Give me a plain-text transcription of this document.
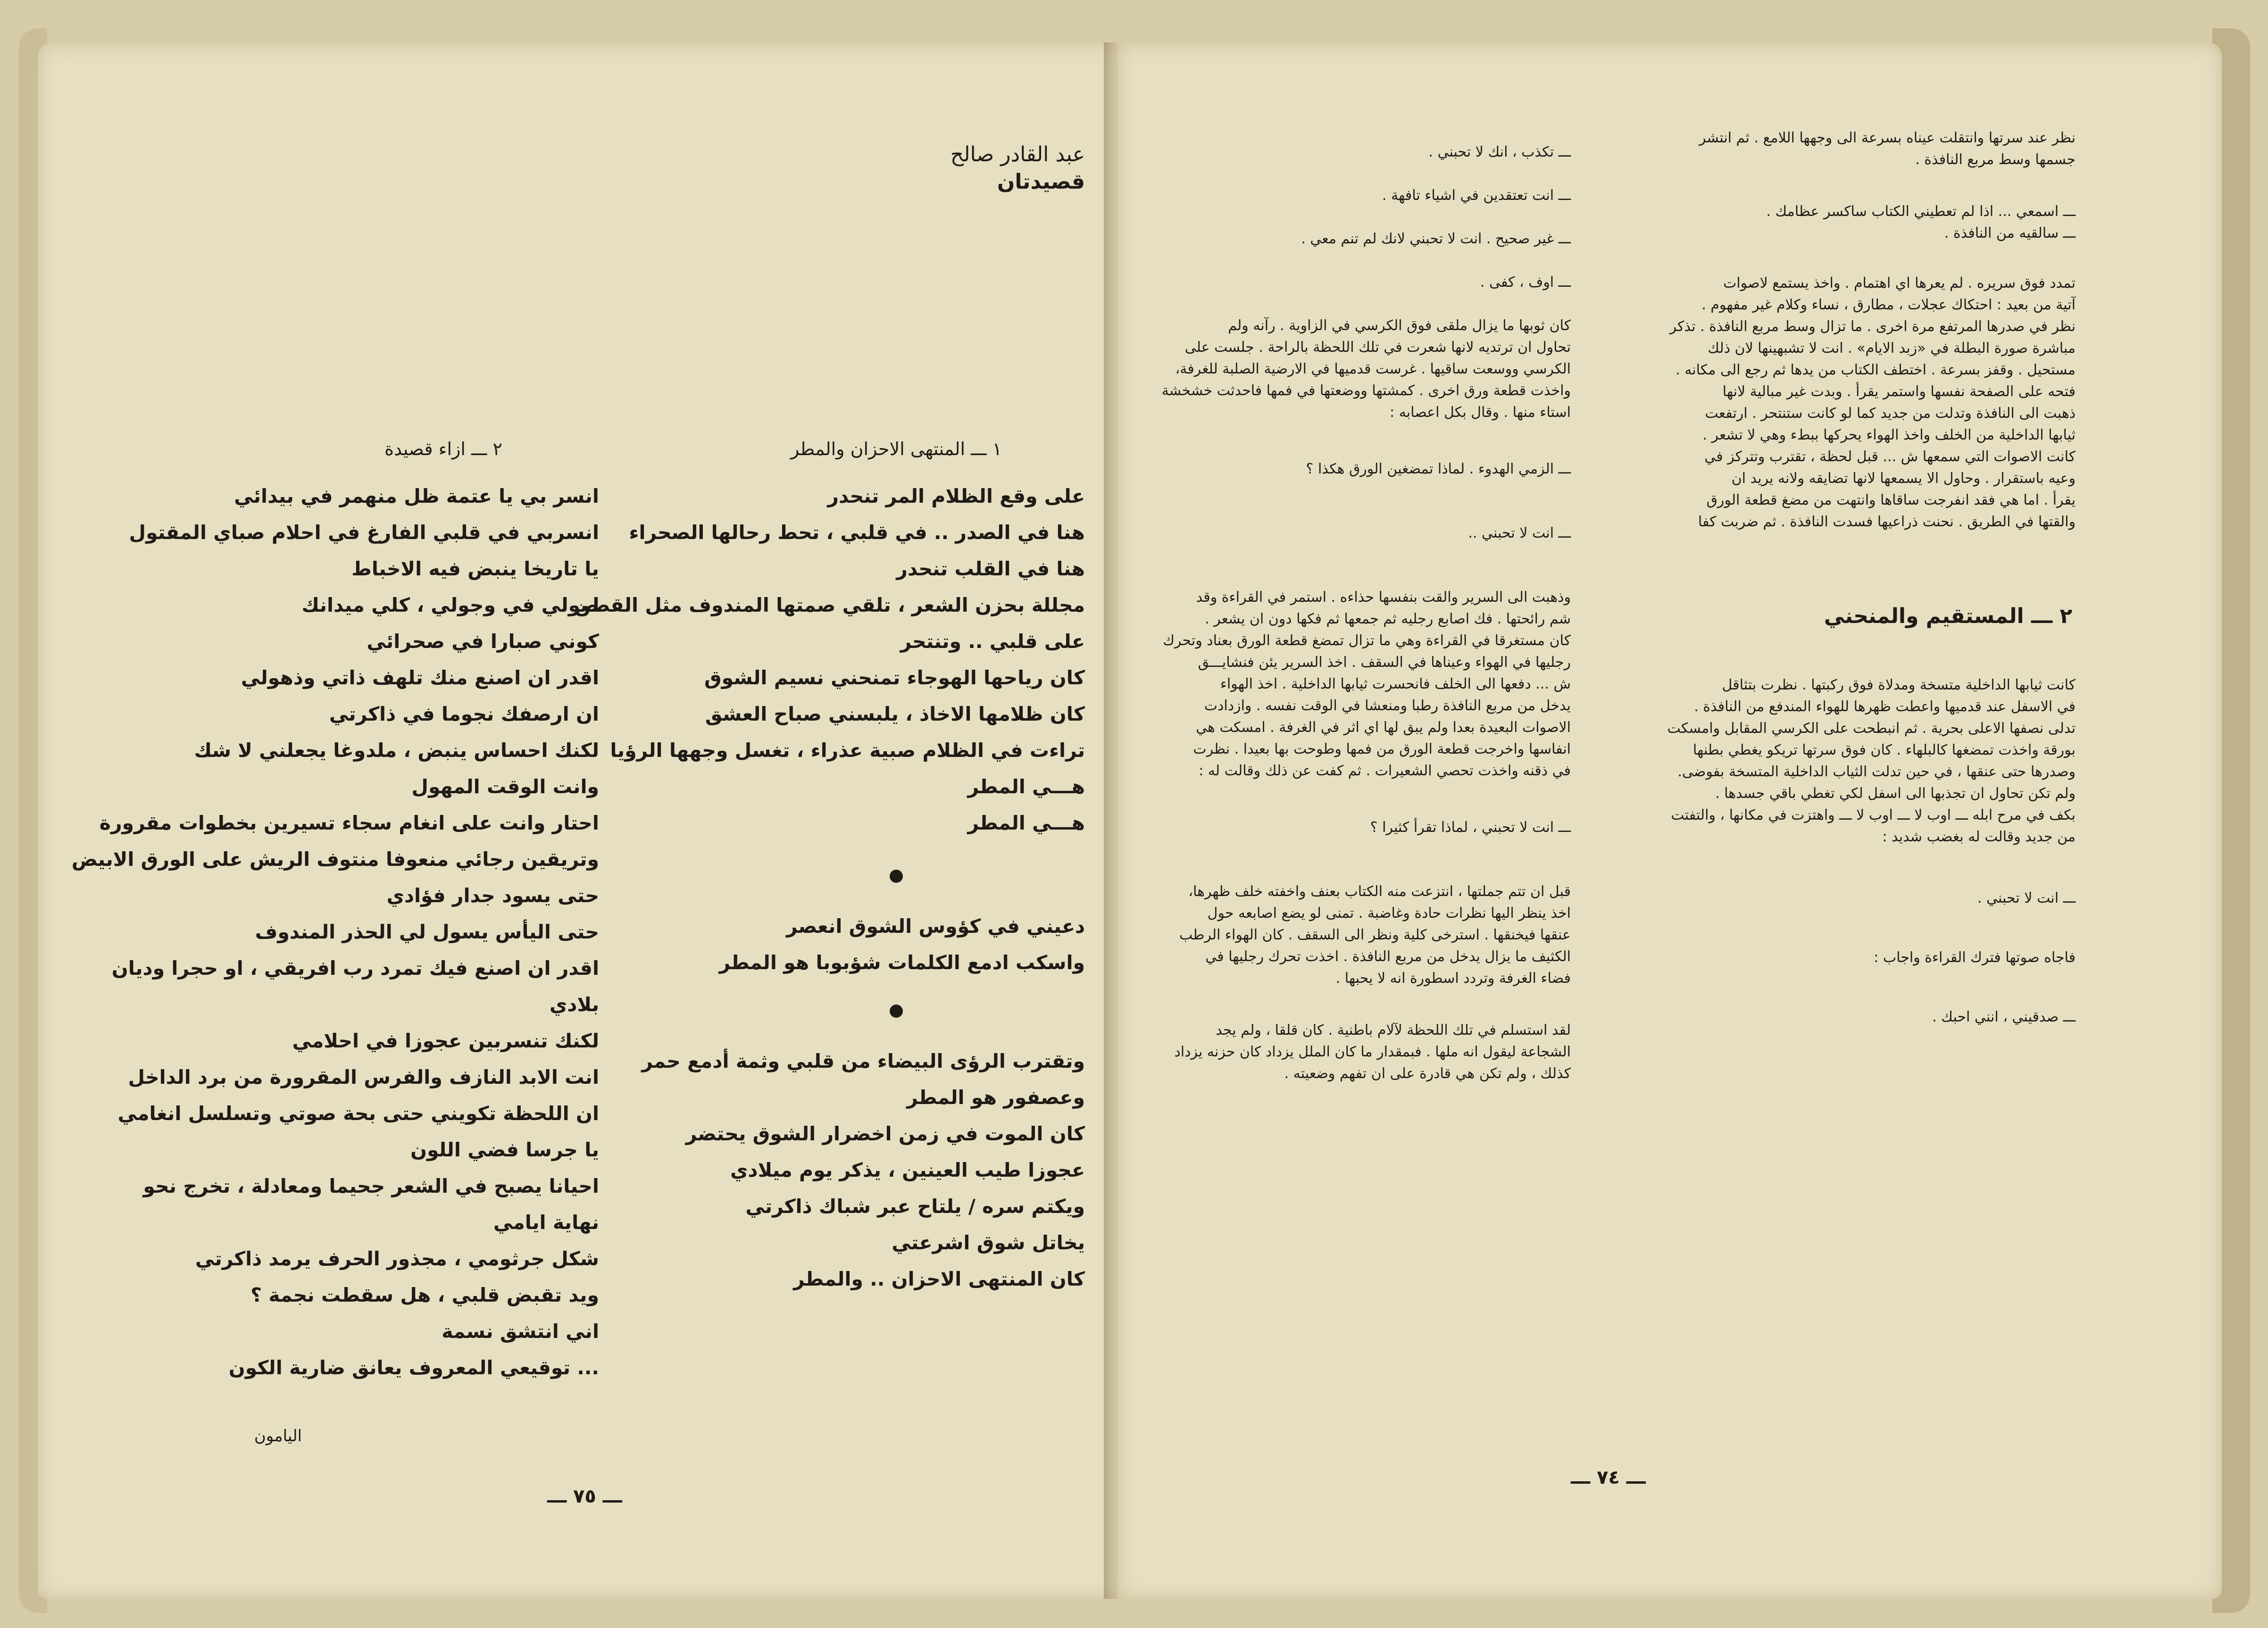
عبد القادر صالح
قصيدتان
١ ـــ المنتهى الاحزان والمطر
على وقع الظلام المر تنحدر
هنا في الصدر .. في قلبي ، تحط رحالها الصحراء
هنا في القلب تنحدر
مجللة بحزن الشعر ، تلقي صمتها المندوف مثل القطن
على قلبي .. وتنتحر
كان رياحها الهوجاء تمنحني نسيم الشوق
كان ظلامها الاخاذ ، يلبسني صباح العشق
تراءت في الظلام صبية عذراء ، تغسل وجهها الرؤيا
هـــي المطر
هـــي المطر
دعيني في كؤوس الشوق انعصر
واسكب ادمع الكلمات شؤبوبا هو المطر
وتقترب الرؤى البيضاء من قلبي وثمة أدمع حمر
وعصفور هو المطر
كان الموت في زمن اخضرار الشوق يحتضر
عجوزا طيب العينين ، يذكر يوم ميلادي
ويكتم سره / يلتاح عبر شباك ذاكرتي
يخاتل شوق اشرعتي
كان المنتهى الاحزان .. والمطر
٢ ـــ ازاء قصيدة
انسر بي يا عتمة ظل منهمر في بيدائي
انسربي في قلبي الفارغ في احلام صباي المقتول
يا تاريخا ينبض فيه الاخباط
صولي في وجولي ، كلي ميدانك
كوني صبارا في صحرائي
اقدر ان اصنع منك تلهف ذاتي وذهولي
ان ارصفك نجوما في ذاكرتي
لكنك احساس ينبض ، ملدوغا يجعلني لا شك
وانت الوقت المهول
احتار وانت على انغام سجاء تسيرين بخطوات مقرورة
وتريقين رجائي منعوفا منتوف الريش على الورق الابيض
حتى يسود جدار فؤادي
حتى اليأس يسول لي الحذر المندوف
اقدر ان اصنع فيك تمرد رب افريقي ، او حجرا وديان
بلادي
لكنك تنسربين عجوزا في احلامي
انت الابد النازف والفرس المقرورة من برد الداخل
ان اللحظة تكويني حتى بحة صوتي وتسلسل انغامي
يا جرسا فضي اللون
احيانا يصبح في الشعر جحيما ومعادلة ، تخرج نحو
نهاية ايامي
شكل جرثومي ، مجذور الحرف يرمد ذاكرتي
ويد تقبض قلبي ، هل سقطت نجمة ؟
اني انتشق نسمة
... توقيعي المعروف يعانق ضارية الكون
اليامون
ـــ ٧٥ ـــ
نظر عند سرتها وانتقلت عيناه بسرعة الى وجهها اللامع . ثم انتشر
جسمها وسط مربع النافذة .

ـــ اسمعي ... اذا لم تعطيني الكتاب ساكسر عظامك .

ـــ سالقيه من النافذة .

تمدد فوق سريره . لم يعرها اي اهتمام . واخذ يستمع لاصوات
آتية من بعيد : احتكاك عجلات ، مطارق ، نساء وكلام غير مفهوم .
نظر في صدرها المرتفع مرة اخرى . ما تزال وسط مربع النافذة . تذكر
مباشرة صورة البطلة في «زبد الايام» . انت لا تشبهينها لان ذلك
مستحيل . وقفز بسرعة . اختطف الكتاب من يدها ثم رجع الى مكانه .
فتحه على الصفحة نفسها واستمر يقرأ . وبدت غير مبالية لانها
ذهبت الى النافذة وتدلت من جديد كما لو كانت ستنتحر . ارتفعت
ثيابها الداخلية من الخلف واخذ الهواء يحركها ببطء وهي لا تشعر .
كانت الاصوات التي سمعها ش ... قبل لحظة ، تقترب وتتركز في
وعيه باستقرار . وحاول الا يسمعها لانها تضايقه ولانه يريد ان
يقرأ . اما هي فقد انفرجت ساقاها وانتهت من مضغ قطعة الورق
والقتها في الطريق . نحنت ذراعيها فسدت النافذة . ثم ضربت كفا
٢ ـــ المستقيم والمنحني
كانت ثيابها الداخلية متسخة ومدلاة فوق ركبتها . نظرت بتثاقل
في الاسفل عند قدميها واعطت ظهرها للهواء المندفع من النافذة .
تدلى نصفها الاعلى بحرية . ثم انبطحت على الكرسي المقابل وامسكت
بورقة واخذت تمضغها كالبلهاء . كان فوق سرتها تريكو يغطي بطنها
وصدرها حتى عنقها ، في حين تدلت الثياب الداخلية المتسخة بفوضى.
ولم تكن تحاول ان تجذبها الى اسفل لكي تغطي باقي جسدها .
بكف في مرح ابله ـــ اوب لا ـــ اوب لا ـــ واهتزت في مكانها ، والتفتت
من جديد وقالت له بغضب شديد :

ـــ انت لا تحبني .

فاجاه صوتها فترك القراءة واجاب :

ـــ صدقيني ، انني احبك .

ـــ تكذب ، انك لا تحبني .

ـــ انت تعتقدين في اشياء تافهة .

ـــ غير صحيح . انت لا تحبني لانك لم تنم معي .

ـــ اوف ، كفى .

كان ثوبها ما يزال ملقى فوق الكرسي في الزاوية . رآنه ولم
تحاول ان ترتديه لانها شعرت في تلك اللحظة بالراحة . جلست على
الكرسي ووسعت ساقيها . غرست قدميها في الارضية الصلبة للغرفة،
واخذت قطعة ورق اخرى . كمشتها ووضعتها في فمها فاحدثت خشخشة
استاء منها . وقال بكل اعصابه :

ـــ الزمي الهدوء . لماذا تمضغين الورق هكذا ؟

ـــ انت لا تحبني ..

وذهبت الى السرير والقت بنفسها حذاءه . استمر في القراءة وقد
شم رائحتها . فك اصابع رجليه ثم جمعها ثم فكها دون ان يشعر .
كان مستغرقا في القراءة وهي ما تزال تمضغ قطعة الورق بعناد وتحرك
رجليها في الهواء وعيناها في السقف . اخذ السرير يئن فنشايـــق
ش ... دفعها الى الخلف فانحسرت ثيابها الداخلية . اخذ الهواء
يدخل من مربع النافذة رطبا ومنعشا في الوقت نفسه . وازدادت
الاصوات البعيدة بعدا ولم يبق لها اي اثر في الغرفة . امسكت هي
انفاسها واخرجت قطعة الورق من فمها وطوحت بها بعيدا . نظرت
في ذقنه واخذت تحصي الشعيرات . ثم كفت عن ذلك وقالت له :

ـــ انت لا تحبني ، لماذا تقرأ كثيرا ؟

قبل ان تتم جملتها ، انتزعت منه الكتاب بعنف واخفته خلف ظهرها،
اخذ ينظر اليها نظرات حادة وغاضبة . تمنى لو يضع اصابعه حول
عنقها فيخنقها . استرخى كلية ونظر الى السقف . كان الهواء الرطب
الكثيف ما يزال يدخل من مربع النافذة . اخذت تحرك رجليها في
فضاء الغرفة وتردد اسطورة انه لا يحبها .
لقد استسلم في تلك اللحظة لآلام باطنية . كان قلقا ، ولم يجد
الشجاعة ليقول انه ملها . فبمقدار ما كان الملل يزداد كان حزنه يزداد
كذلك ، ولم تكن هي قادرة على ان تفهم وضعيته .
ـــ ٧٤ ـــ
